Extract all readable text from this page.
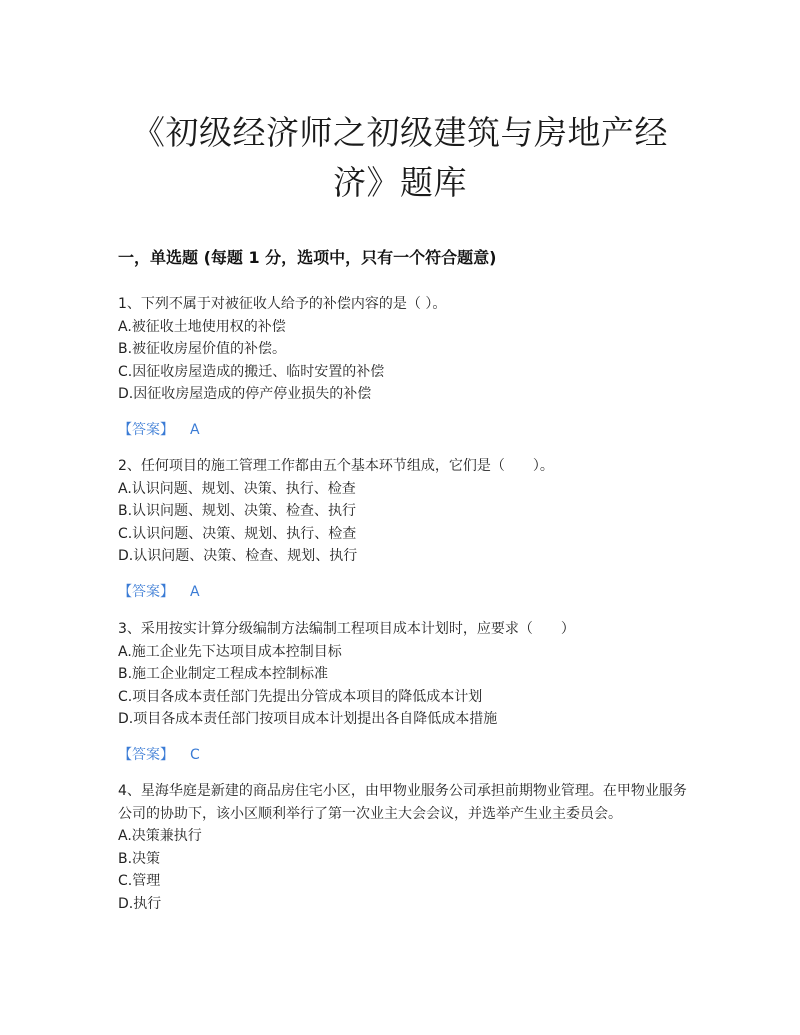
《初级经济师之初级建筑与房地产经
济》题库
一，单选题 (每题 1 分，选项中，只有一个符合题意)
1、下列不属于对被征收人给予的补偿内容的是（ ）。
A.被征收土地使用权的补偿
B.被征收房屋价值的补偿。
C.因征收房屋造成的搬迁、临时安置的补偿
D.因征收房屋造成的停产停业损失的补偿
【答案】 A
2、任何项目的施工管理工作都由五个基本环节组成，它们是（　　）。
A.认识问题、规划、决策、执行、检查
B.认识问题、规划、决策、检查、执行
C.认识问题、决策、规划、执行、检查
D.认识问题、决策、检查、规划、执行
【答案】 A
3、采用按实计算分级编制方法编制工程项目成本计划时，应要求（　　）
A.施工企业先下达项目成本控制目标
B.施工企业制定工程成本控制标准
C.项目各成本责任部门先提出分管成本项目的降低成本计划
D.项目各成本责任部门按项目成本计划提出各自降低成本措施
【答案】 C
4、星海华庭是新建的商品房住宅小区，由甲物业服务公司承担前期物业管理。在甲物业服务公司的协助下，该小区顺利举行了第一次业主大会会议，并选举产生业主委员会。
A.决策兼执行
B.决策
C.管理
D.执行
